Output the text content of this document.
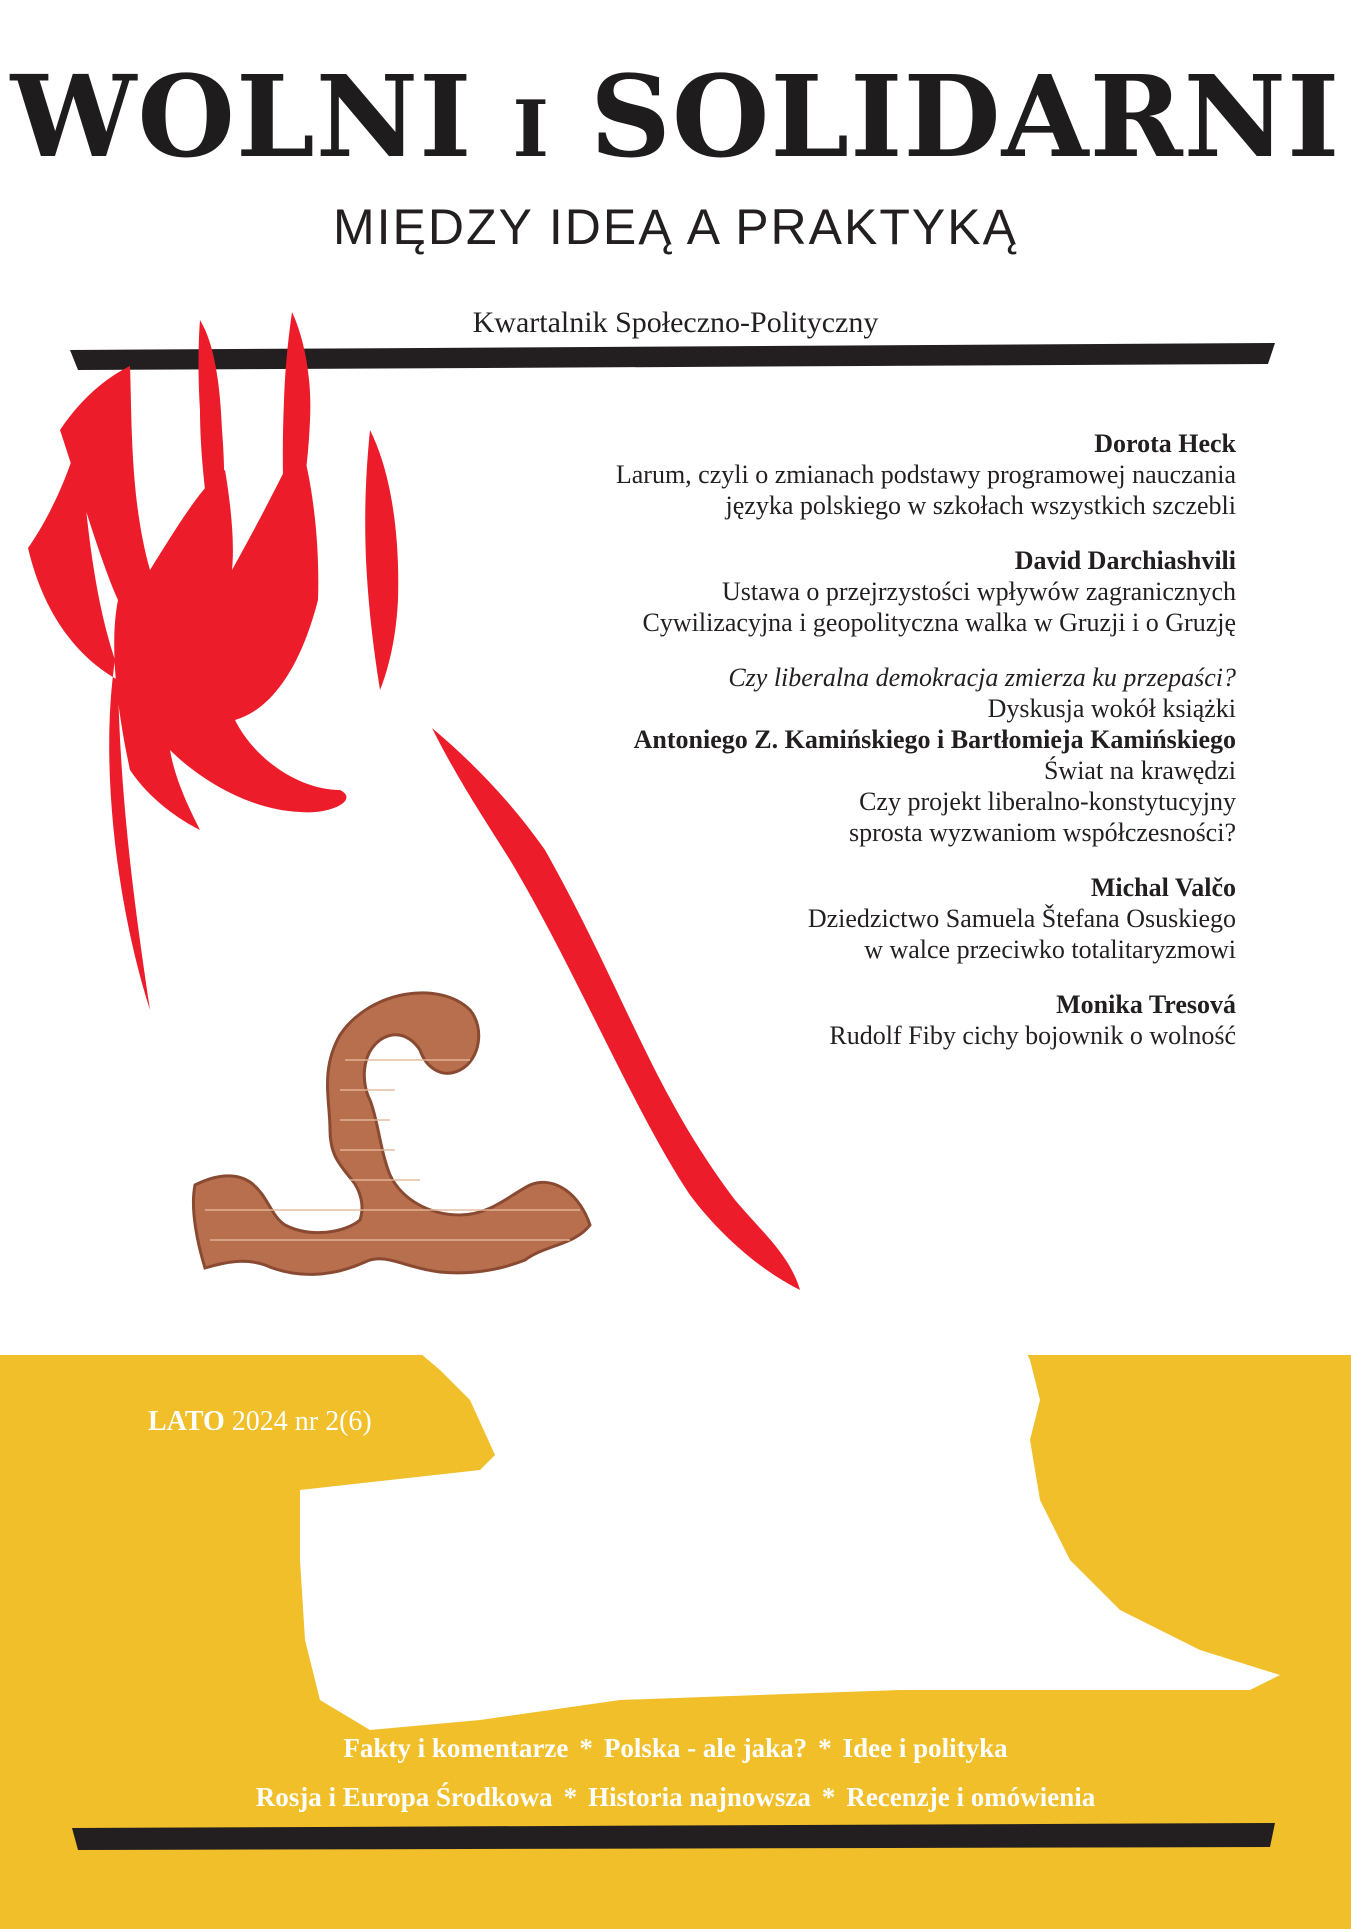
WOLNI I SOLIDARNI
MIĘDZY IDEĄ A PRAKTYKĄ
Kwartalnik Społeczno-Polityczny
Dorota Heck
Larum, czyli o zmianach podstawy programowej nauczania
języka polskiego w szkołach wszystkich szczebli
David Darchiashvili
Ustawa o przejrzystości wpływów zagranicznych
Cywilizacyjna i geopolityczna walka w Gruzji i o Gruzję
Czy liberalna demokracja zmierza ku przepaści?
Dyskusja wokół książki
Antoniego Z. Kamińskiego i Bartłomieja Kamińskiego
Świat na krawędzi
Czy projekt liberalno-konstytucyjny
sprosta wyzwaniom współczesności?
Michal Valčo
Dziedzictwo Samuela Štefana Osuskiego
w walce przeciwko totalitaryzmowi
Monika Tresová
Rudolf Fiby cichy bojownik o wolność
LATO 2024 nr 2(6)
Fakty i komentarze * Polska - ale jaka? * Idee i polityka
Rosja i Europa Środkowa * Historia najnowsza * Recenzje i omówienia
